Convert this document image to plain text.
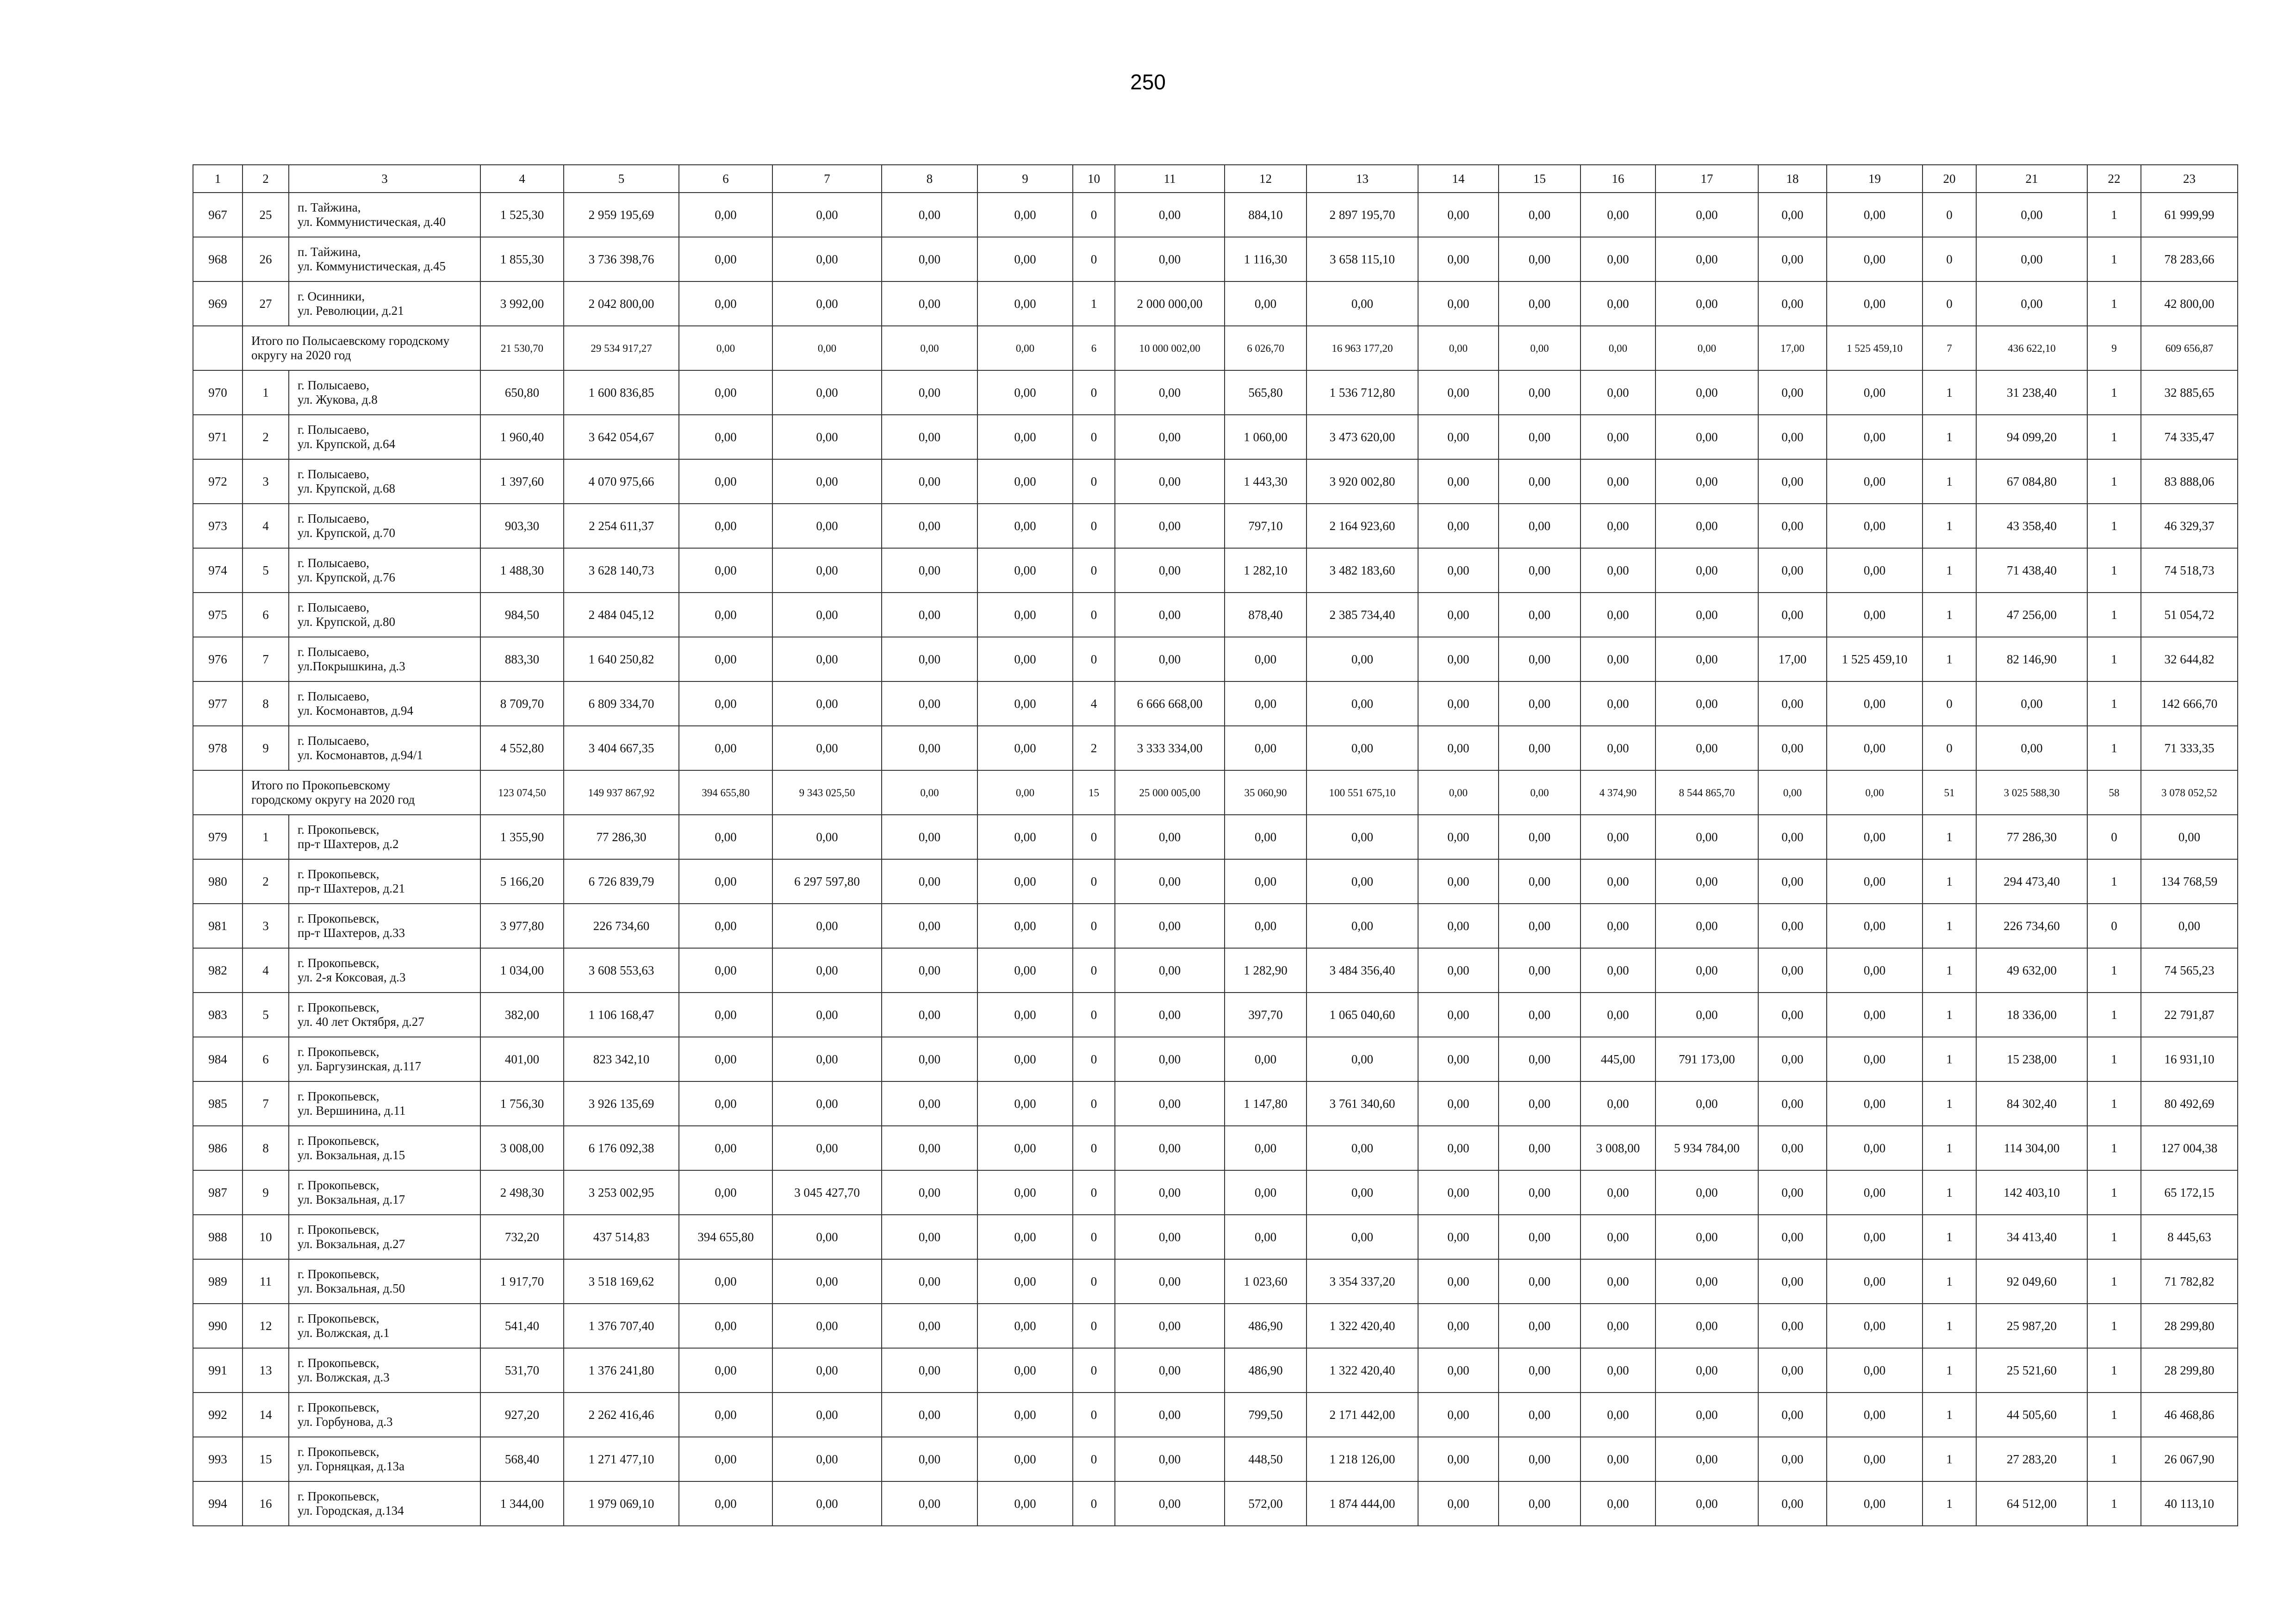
250
1	2	3	4	5	6	7	8	9	10	11	12	13	14	15	16	17	18	19	20	21	22	23
967	25	п. Тайжина,
ул. Коммунистическая, д.40	1 525,30	2 959 195,69	0,00	0,00	0,00	0,00	0	0,00	884,10	2 897 195,70	0,00	0,00	0,00	0,00	0,00	0,00	0	0,00	1	61 999,99
968	26	п. Тайжина,
ул. Коммунистическая, д.45	1 855,30	3 736 398,76	0,00	0,00	0,00	0,00	0	0,00	1 116,30	3 658 115,10	0,00	0,00	0,00	0,00	0,00	0,00	0	0,00	1	78 283,66
969	27	г. Осинники,
ул. Революции, д.21	3 992,00	2 042 800,00	0,00	0,00	0,00	0,00	1	2 000 000,00	0,00	0,00	0,00	0,00	0,00	0,00	0,00	0,00	0	0,00	1	42 800,00

	Итого по Полысаевскому городскому
округу на 2020 год		21 530,70	29 534 917,27	0,00	0,00	0,00	0,00	6	10 000 002,00	6 026,70	16 963 177,20	0,00	0,00	0,00	0,00	17,00	1 525 459,10	7	436 622,10	9	609 656,87
970	1	г. Полысаево,
ул. Жукова, д.8	650,80	1 600 836,85	0,00	0,00	0,00	0,00	0	0,00	565,80	1 536 712,80	0,00	0,00	0,00	0,00	0,00	0,00	1	31 238,40	1	32 885,65
971	2	г. Полысаево,
ул. Крупской, д.64	1 960,40	3 642 054,67	0,00	0,00	0,00	0,00	0	0,00	1 060,00	3 473 620,00	0,00	0,00	0,00	0,00	0,00	0,00	1	94 099,20	1	74 335,47
972	3	г. Полысаево,
ул. Крупской, д.68	1 397,60	4 070 975,66	0,00	0,00	0,00	0,00	0	0,00	1 443,30	3 920 002,80	0,00	0,00	0,00	0,00	0,00	0,00	1	67 084,80	1	83 888,06
973	4	г. Полысаево,
ул. Крупской, д.70	903,30	2 254 611,37	0,00	0,00	0,00	0,00	0	0,00	797,10	2 164 923,60	0,00	0,00	0,00	0,00	0,00	0,00	1	43 358,40	1	46 329,37
974	5	г. Полысаево,
ул. Крупской, д.76	1 488,30	3 628 140,73	0,00	0,00	0,00	0,00	0	0,00	1 282,10	3 482 183,60	0,00	0,00	0,00	0,00	0,00	0,00	1	71 438,40	1	74 518,73
975	6	г. Полысаево,
ул. Крупской, д.80	984,50	2 484 045,12	0,00	0,00	0,00	0,00	0	0,00	878,40	2 385 734,40	0,00	0,00	0,00	0,00	0,00	0,00	1	47 256,00	1	51 054,72
976	7	г. Полысаево,
ул.Покрышкина, д.3	883,30	1 640 250,82	0,00	0,00	0,00	0,00	0	0,00	0,00	0,00	0,00	0,00	0,00	0,00	17,00	1 525 459,10	1	82 146,90	1	32 644,82
977	8	г. Полысаево,
ул. Космонавтов, д.94	8 709,70	6 809 334,70	0,00	0,00	0,00	0,00	4	6 666 668,00	0,00	0,00	0,00	0,00	0,00	0,00	0,00	0,00	0	0,00	1	142 666,70
978	9	г. Полысаево,
ул. Космонавтов, д.94/1	4 552,80	3 404 667,35	0,00	0,00	0,00	0,00	2	3 333 334,00	0,00	0,00	0,00	0,00	0,00	0,00	0,00	0,00	0	0,00	1	71 333,35

	Итого по Прокопьевскому
городскому округу на 2020 год		123 074,50	149 937 867,92	394 655,80	9 343 025,50	0,00	0,00	15	25 000 005,00	35 060,90	100 551 675,10	0,00	0,00	4 374,90	8 544 865,70	0,00	0,00	51	3 025 588,30	58	3 078 052,52
979	1	г. Прокопьевск,
пр-т Шахтеров, д.2	1 355,90	77 286,30	0,00	0,00	0,00	0,00	0	0,00	0,00	0,00	0,00	0,00	0,00	0,00	0,00	0,00	1	77 286,30	0	0,00
980	2	г. Прокопьевск,
пр-т Шахтеров, д.21	5 166,20	6 726 839,79	0,00	6 297 597,80	0,00	0,00	0	0,00	0,00	0,00	0,00	0,00	0,00	0,00	0,00	0,00	1	294 473,40	1	134 768,59
981	3	г. Прокопьевск,
пр-т Шахтеров, д.33	3 977,80	226 734,60	0,00	0,00	0,00	0,00	0	0,00	0,00	0,00	0,00	0,00	0,00	0,00	0,00	0,00	1	226 734,60	0	0,00
982	4	г. Прокопьевск,
ул. 2-я Коксовая, д.3	1 034,00	3 608 553,63	0,00	0,00	0,00	0,00	0	0,00	1 282,90	3 484 356,40	0,00	0,00	0,00	0,00	0,00	0,00	1	49 632,00	1	74 565,23
983	5	г. Прокопьевск,
ул. 40 лет Октября, д.27	382,00	1 106 168,47	0,00	0,00	0,00	0,00	0	0,00	397,70	1 065 040,60	0,00	0,00	0,00	0,00	0,00	0,00	1	18 336,00	1	22 791,87
984	6	г. Прокопьевск,
ул. Баргузинская, д.117	401,00	823 342,10	0,00	0,00	0,00	0,00	0	0,00	0,00	0,00	0,00	0,00	445,00	791 173,00	0,00	0,00	1	15 238,00	1	16 931,10
985	7	г. Прокопьевск,
ул. Вершинина, д.11	1 756,30	3 926 135,69	0,00	0,00	0,00	0,00	0	0,00	1 147,80	3 761 340,60	0,00	0,00	0,00	0,00	0,00	0,00	1	84 302,40	1	80 492,69
986	8	г. Прокопьевск,
ул. Вокзальная, д.15	3 008,00	6 176 092,38	0,00	0,00	0,00	0,00	0	0,00	0,00	0,00	0,00	0,00	3 008,00	5 934 784,00	0,00	0,00	1	114 304,00	1	127 004,38
987	9	г. Прокопьевск,
ул. Вокзальная, д.17	2 498,30	3 253 002,95	0,00	3 045 427,70	0,00	0,00	0	0,00	0,00	0,00	0,00	0,00	0,00	0,00	0,00	0,00	1	142 403,10	1	65 172,15
988	10	г. Прокопьевск,
ул. Вокзальная, д.27	732,20	437 514,83	394 655,80	0,00	0,00	0,00	0	0,00	0,00	0,00	0,00	0,00	0,00	0,00	0,00	0,00	1	34 413,40	1	8 445,63
989	11	г. Прокопьевск,
ул. Вокзальная, д.50	1 917,70	3 518 169,62	0,00	0,00	0,00	0,00	0	0,00	1 023,60	3 354 337,20	0,00	0,00	0,00	0,00	0,00	0,00	1	92 049,60	1	71 782,82
990	12	г. Прокопьевск,
ул. Волжская, д.1	541,40	1 376 707,40	0,00	0,00	0,00	0,00	0	0,00	486,90	1 322 420,40	0,00	0,00	0,00	0,00	0,00	0,00	1	25 987,20	1	28 299,80
991	13	г. Прокопьевск,
ул. Волжская, д.3	531,70	1 376 241,80	0,00	0,00	0,00	0,00	0	0,00	486,90	1 322 420,40	0,00	0,00	0,00	0,00	0,00	0,00	1	25 521,60	1	28 299,80
992	14	г. Прокопьевск,
ул. Горбунова, д.3	927,20	2 262 416,46	0,00	0,00	0,00	0,00	0	0,00	799,50	2 171 442,00	0,00	0,00	0,00	0,00	0,00	0,00	1	44 505,60	1	46 468,86
993	15	г. Прокопьевск,
ул. Горняцкая, д.13а	568,40	1 271 477,10	0,00	0,00	0,00	0,00	0	0,00	448,50	1 218 126,00	0,00	0,00	0,00	0,00	0,00	0,00	1	27 283,20	1	26 067,90
994	16	г. Прокопьевск,
ул. Городская, д.134	1 344,00	1 979 069,10	0,00	0,00	0,00	0,00	0	0,00	572,00	1 874 444,00	0,00	0,00	0,00	0,00	0,00	0,00	1	64 512,00	1	40 113,10
